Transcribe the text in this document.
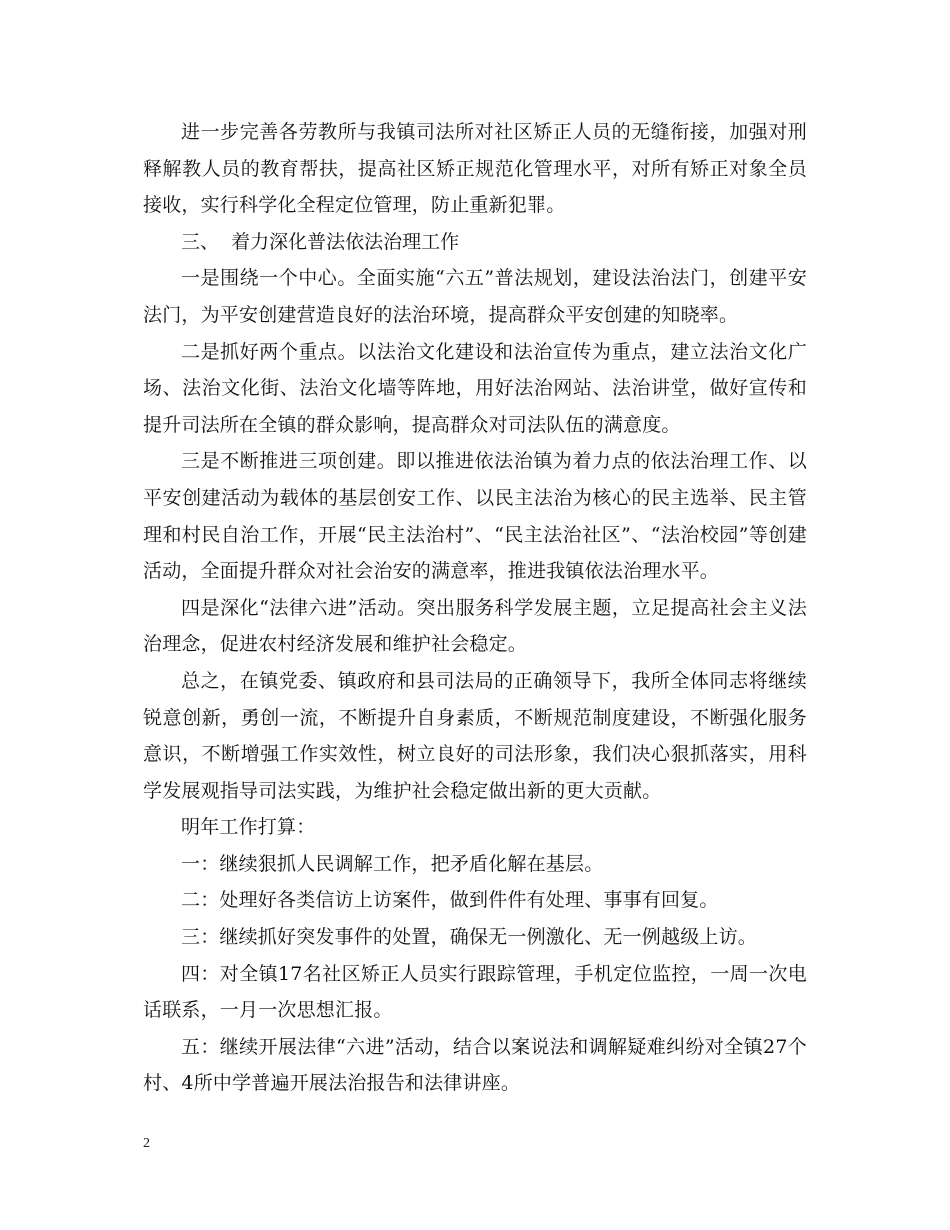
进一步完善各劳教所与我镇司法所对社区矫正人员的无缝衔接，加强对刑释解教人员的教育帮扶，提高社区矫正规范化管理水平，对所有矫正对象全员接收，实行科学化全程定位管理，防止重新犯罪。

三、  着力深化普法依法治理工作

一是围绕一个中心。全面实施“六五”普法规划，建设法治法门，创建平安法门，为平安创建营造良好的法治环境，提高群众平安创建的知晓率。

二是抓好两个重点。以法治文化建设和法治宣传为重点，建立法治文化广场、法治文化街、法治文化墙等阵地，用好法治网站、法治讲堂，做好宣传和提升司法所在全镇的群众影响，提高群众对司法队伍的满意度。

三是不断推进三项创建。即以推进依法治镇为着力点的依法治理工作、以平安创建活动为载体的基层创安工作、以民主法治为核心的民主选举、民主管理和村民自治工作，开展“民主法治村”、“民主法治社区”、“法治校园”等创建活动，全面提升群众对社会治安的满意率，推进我镇依法治理水平。

四是深化“法律六进”活动。突出服务科学发展主题，立足提高社会主义法治理念，促进农村经济发展和维护社会稳定。

总之，在镇党委、镇政府和县司法局的正确领导下，我所全体同志将继续锐意创新，勇创一流，不断提升自身素质，不断规范制度建设，不断强化服务意识，不断增强工作实效性，树立良好的司法形象，我们决心狠抓落实，用科学发展观指导司法实践，为维护社会稳定做出新的更大贡献。

明年工作打算：

一：继续狠抓人民调解工作，把矛盾化解在基层。

二：处理好各类信访上访案件，做到件件有处理、事事有回复。

三：继续抓好突发事件的处置，确保无一例激化、无一例越级上访。

四：对全镇17名社区矫正人员实行跟踪管理，手机定位监控，一周一次电话联系，一月一次思想汇报。

五：继续开展法律“六进”活动，结合以案说法和调解疑难纠纷对全镇27个村、4所中学普遍开展法治报告和法律讲座。

2
